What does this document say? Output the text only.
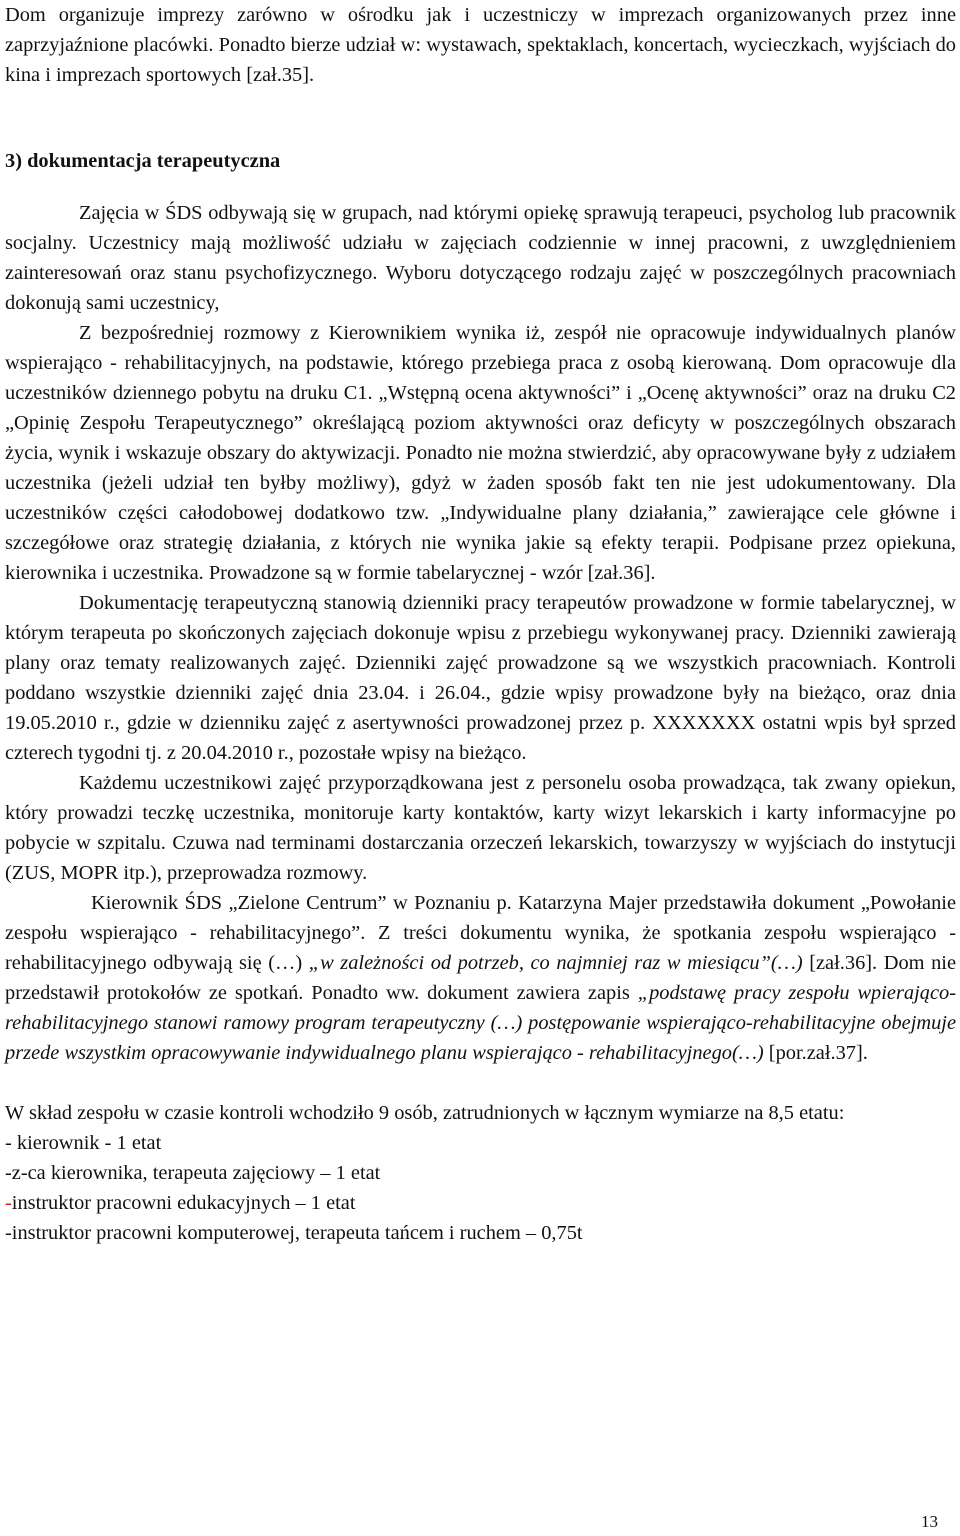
Dom organizuje imprezy zarówno w ośrodku jak i uczestniczy w imprezach organizowanych przez inne zaprzyjaźnione placówki. Ponadto bierze udział w: wystawach, spektaklach, koncertach, wycieczkach, wyjściach do kina i imprezach sportowych [zał.35].

3) dokumentacja terapeutyczna

Zajęcia w ŚDS odbywają się w grupach, nad którymi opiekę sprawują terapeuci, psycholog lub pracownik socjalny. Uczestnicy mają możliwość udziału w zajęciach codziennie w innej pracowni, z uwzględnieniem zainteresowań oraz stanu psychofizycznego. Wyboru dotyczącego rodzaju zajęć w poszczególnych pracowniach dokonują sami uczestnicy,

Z bezpośredniej rozmowy z Kierownikiem wynika iż, zespół nie opracowuje indywidualnych planów wspierająco - rehabilitacyjnych, na podstawie, którego przebiega praca z osobą kierowaną. Dom opracowuje dla uczestników dziennego pobytu na druku C1. „Wstępną ocena aktywności” i „Ocenę aktywności” oraz na druku C2 „Opinię Zespołu Terapeutycznego” określającą poziom aktywności oraz deficyty w poszczególnych obszarach życia, wynik i wskazuje obszary do aktywizacji. Ponadto nie można stwierdzić, aby opracowywane były z udziałem uczestnika (jeżeli udział ten byłby możliwy), gdyż w żaden sposób fakt ten nie jest udokumentowany. Dla uczestników części całodobowej dodatkowo tzw. „Indywidualne plany działania,” zawierające cele główne i szczegółowe oraz strategię działania, z których nie wynika jakie są efekty terapii. Podpisane przez opiekuna, kierownika i uczestnika. Prowadzone są w formie tabelarycznej - wzór [zał.36].

Dokumentację terapeutyczną stanowią dzienniki pracy terapeutów prowadzone w formie tabelarycznej, w którym terapeuta po skończonych zajęciach dokonuje wpisu z przebiegu wykonywanej pracy. Dzienniki zawierają plany oraz tematy realizowanych zajęć. Dzienniki zajęć prowadzone są we wszystkich pracowniach. Kontroli poddano wszystkie dzienniki zajęć dnia 23.04. i 26.04., gdzie wpisy prowadzone były na bieżąco, oraz dnia 19.05.2010 r., gdzie w dzienniku zajęć z asertywności prowadzonej przez p. XXXXXXX ostatni wpis był sprzed czterech tygodni tj. z 20.04.2010 r., pozostałe wpisy na bieżąco.

Każdemu uczestnikowi zajęć przyporządkowana jest z personelu osoba prowadząca, tak zwany opiekun, który prowadzi teczkę uczestnika, monitoruje karty kontaktów, karty wizyt lekarskich i karty informacyjne po pobycie w szpitalu. Czuwa nad terminami dostarczania orzeczeń lekarskich, towarzyszy w wyjściach do instytucji (ZUS, MOPR itp.), przeprowadza rozmowy.

Kierownik ŚDS „Zielone Centrum” w Poznaniu p. Katarzyna Majer przedstawiła dokument „Powołanie zespołu wspierająco - rehabilitacyjnego”. Z treści dokumentu wynika, że spotkania zespołu wspierająco - rehabilitacyjnego odbywają się (…) „w zależności od potrzeb, co najmniej raz w miesiącu”(…) [zał.36]. Dom nie przedstawił protokołów ze spotkań. Ponadto ww. dokument zawiera zapis „podstawę pracy zespołu wpierająco-rehabilitacyjnego stanowi ramowy program terapeutyczny (…) postępowanie wspierająco-rehabilitacyjne obejmuje przede wszystkim opracowywanie indywidualnego planu wspierająco - rehabilitacyjnego(…) [por.zał.37].

W skład zespołu w czasie kontroli wchodziło 9 osób, zatrudnionych w łącznym wymiarze na 8,5 etatu:

- kierownik - 1 etat
-z-ca kierownika, terapeuta zajęciowy – 1 etat
-instruktor pracowni edukacyjnych – 1 etat
-instruktor pracowni komputerowej, terapeuta tańcem i ruchem – 0,75t
13
